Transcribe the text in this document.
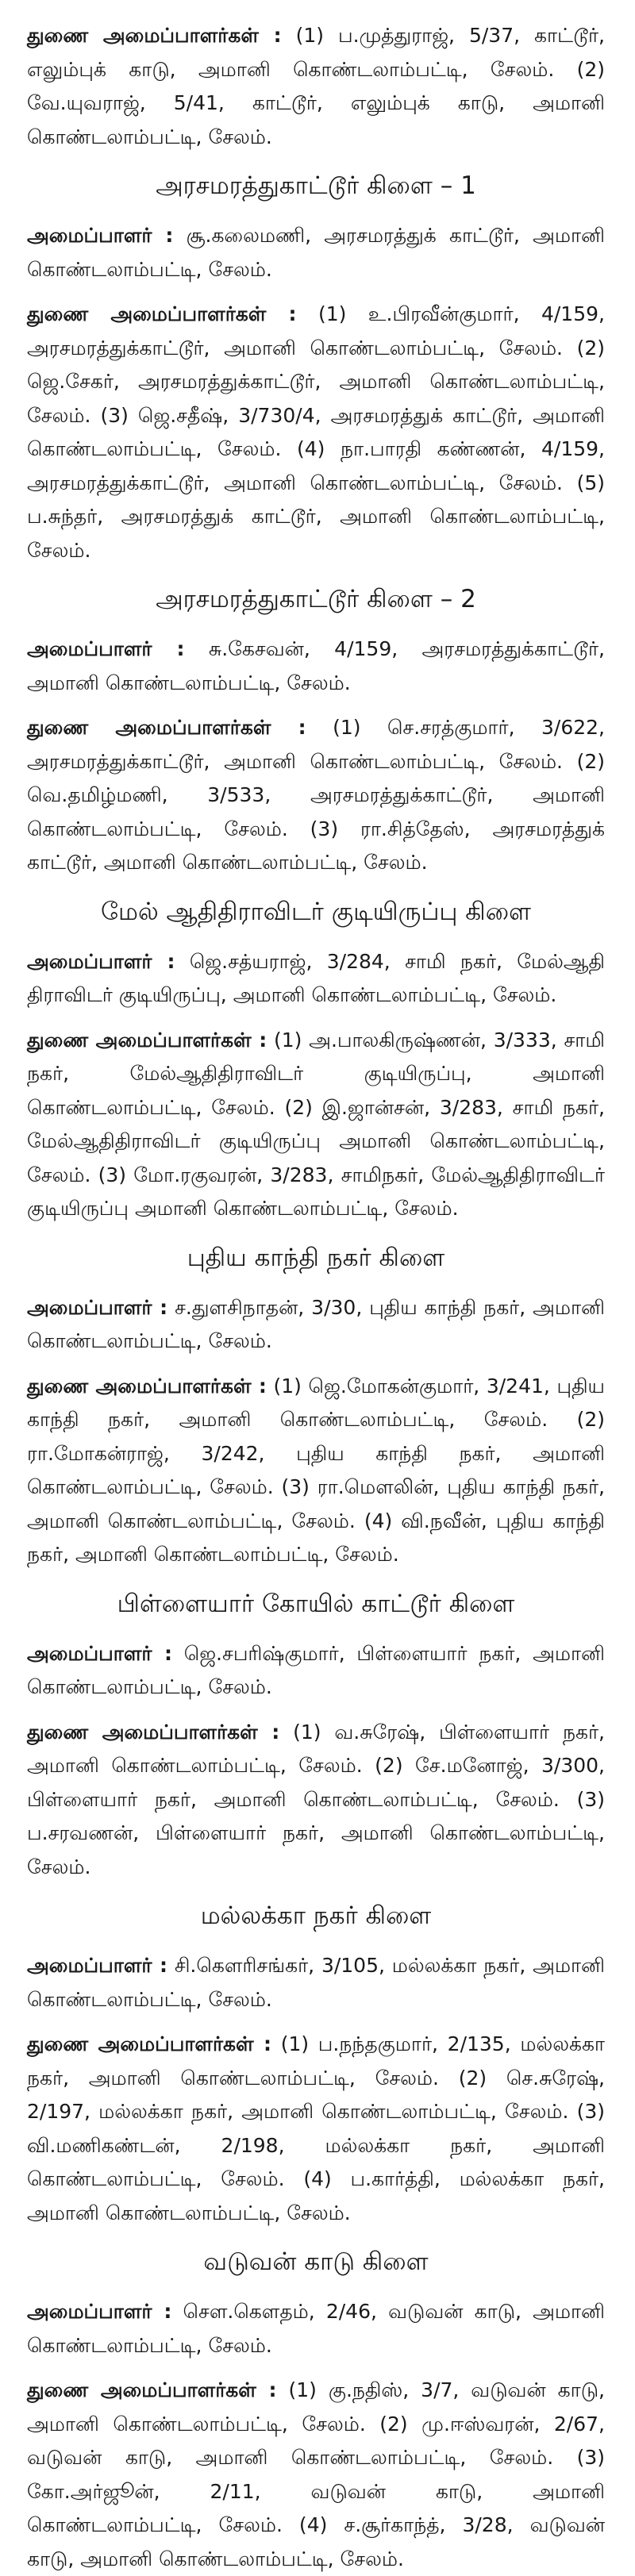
துணை அமைப்பாளர்கள் : (1) ப.முத்துராஜ், 5/37, காட்டூர், எலும்புக் காடு, அமானி கொண்டலாம்பட்டி, சேலம். (2) வே.யுவராஜ், 5/41, காட்டூர், எலும்புக் காடு, அமானி கொண்டலாம்பட்டி, சேலம்.
அரசமரத்துகாட்டூர் கிளை – 1
அமைப்பாளர் : சூ.கலைமணி, அரசமரத்துக் காட்டூர், அமானி கொண்டலாம்பட்டி, சேலம்.
துணை அமைப்பாளர்கள் : (1) உ.பிரவீன்குமார், 4/159, அரசமரத்துக்காட்டூர், அமானி கொண்டலாம்பட்டி, சேலம். (2) ஜெ.சேகர், அரசமரத்துக்காட்டூர், அமானி கொண்டலாம்பட்டி, சேலம். (3) ஜெ.சதீஷ், 3/730/4, அரசமரத்துக் காட்டூர், அமானி கொண்டலாம்பட்டி, சேலம். (4) நா.பாரதி கண்ணன், 4/159, அரசமரத்துக்காட்டூர், அமானி கொண்டலாம்பட்டி, சேலம். (5) ப.சுந்தர், அரசமரத்துக் காட்டூர், அமானி கொண்டலாம்பட்டி, சேலம்.
அரசமரத்துகாட்டூர் கிளை – 2
அமைப்பாளர் : சு.கேசவன், 4/159, அரசமரத்துக்காட்டூர், அமானி கொண்டலாம்பட்டி, சேலம்.
துணை அமைப்பாளர்கள் : (1) செ.சரத்குமார், 3/622, அரசமரத்துக்காட்டூர், அமானி கொண்டலாம்பட்டி, சேலம். (2) வெ.தமிழ்மணி, 3/533, அரசமரத்துக்காட்டூர், அமானி கொண்டலாம்பட்டி, சேலம். (3) ரா.சித்தேஸ், அரசமரத்துக் காட்டூர், அமானி கொண்டலாம்பட்டி, சேலம்.
மேல் ஆதிதிராவிடர் குடியிருப்பு கிளை
அமைப்பாளர் : ஜெ.சத்யராஜ், 3/284, சாமி நகர், மேல்ஆதி திராவிடர் குடியிருப்பு, அமானி கொண்டலாம்பட்டி, சேலம்.
துணை அமைப்பாளர்கள் : (1) அ.பாலகிருஷ்ணன், 3/333, சாமி நகர், மேல்ஆதிதிராவிடர் குடியிருப்பு, அமானி கொண்டலாம்பட்டி, சேலம். (2) இ.ஜான்சன், 3/283, சாமி நகர், மேல்ஆதிதிராவிடர் குடியிருப்பு அமானி கொண்டலாம்பட்டி, சேலம். (3) மோ.ரகுவரன், 3/283, சாமிநகர், மேல்ஆதிதிராவிடர் குடியிருப்பு அமானி கொண்டலாம்பட்டி, சேலம்.
புதிய காந்தி நகர் கிளை
அமைப்பாளர் : ச.துளசிநாதன், 3/30, புதிய காந்தி நகர், அமானி கொண்டலாம்பட்டி, சேலம்.
துணை அமைப்பாளர்கள் : (1) ஜெ.மோகன்குமார், 3/241, புதிய காந்தி நகர், அமானி கொண்டலாம்பட்டி, சேலம். (2) ரா.மோகன்ராஜ், 3/242, புதிய காந்தி நகர், அமானி கொண்டலாம்பட்டி, சேலம். (3) ரா.மௌலின், புதிய காந்தி நகர், அமானி கொண்டலாம்பட்டி, சேலம். (4) வி.நவீன், புதிய காந்தி நகர், அமானி கொண்டலாம்பட்டி, சேலம்.
பிள்ளையார் கோயில் காட்டூர் கிளை
அமைப்பாளர் : ஜெ.சபரிஷ்குமார், பிள்ளையார் நகர், அமானி கொண்டலாம்பட்டி, சேலம்.
துணை அமைப்பாளர்கள் : (1) வ.சுரேஷ், பிள்ளையார் நகர், அமானி கொண்டலாம்பட்டி, சேலம். (2) சே.மனோஜ், 3/300, பிள்ளையார் நகர், அமானி கொண்டலாம்பட்டி, சேலம். (3) ப.சரவணன், பிள்ளையார் நகர், அமானி கொண்டலாம்பட்டி, சேலம்.
மல்லக்கா நகர் கிளை
அமைப்பாளர் : சி.கௌரிசங்கர், 3/105, மல்லக்கா நகர், அமானி கொண்டலாம்பட்டி, சேலம்.
துணை அமைப்பாளர்கள் : (1) ப.நந்தகுமார், 2/135, மல்லக்கா நகர், அமானி கொண்டலாம்பட்டி, சேலம். (2) செ.சுரேஷ், 2/197, மல்லக்கா நகர், அமானி கொண்டலாம்பட்டி, சேலம். (3) வி.மணிகண்டன், 2/198, மல்லக்கா நகர், அமானி கொண்டலாம்பட்டி, சேலம். (4) ப.கார்த்தி, மல்லக்கா நகர், அமானி கொண்டலாம்பட்டி, சேலம்.
வடுவன் காடு கிளை
அமைப்பாளர் : சௌ.கௌதம், 2/46, வடுவன் காடு, அமானி கொண்டலாம்பட்டி, சேலம்.
துணை அமைப்பாளர்கள் : (1) கு.நதிஸ், 3/7, வடுவன் காடு, அமானி கொண்டலாம்பட்டி, சேலம். (2) மு.ஈஸ்வரன், 2/67, வடுவன் காடு, அமானி கொண்டலாம்பட்டி, சேலம். (3) கோ.அர்ஜூன், 2/11, வடுவன் காடு, அமானி கொண்டலாம்பட்டி, சேலம். (4) ச.சூர்காந்த், 3/28, வடுவன் காடு, அமானி கொண்டலாம்பட்டி, சேலம்.
